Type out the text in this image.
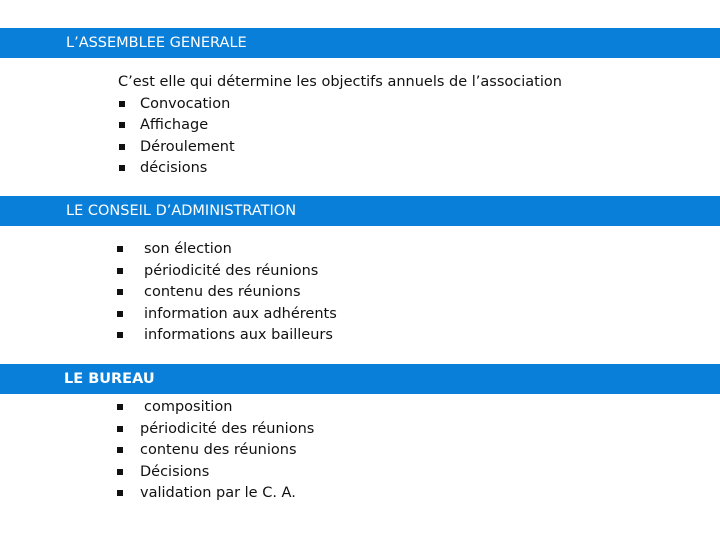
L’ASSEMBLEE GENERALE
C’est elle qui détermine les objectifs annuels de l’association
Convocation
Affichage
Déroulement
décisions
LE CONSEIL D’ADMINISTRATION
son élection
périodicité des réunions
contenu des réunions
information aux adhérents
informations aux bailleurs
LE BUREAU
composition
périodicité des réunions
contenu des réunions
Décisions
validation par le C. A.
